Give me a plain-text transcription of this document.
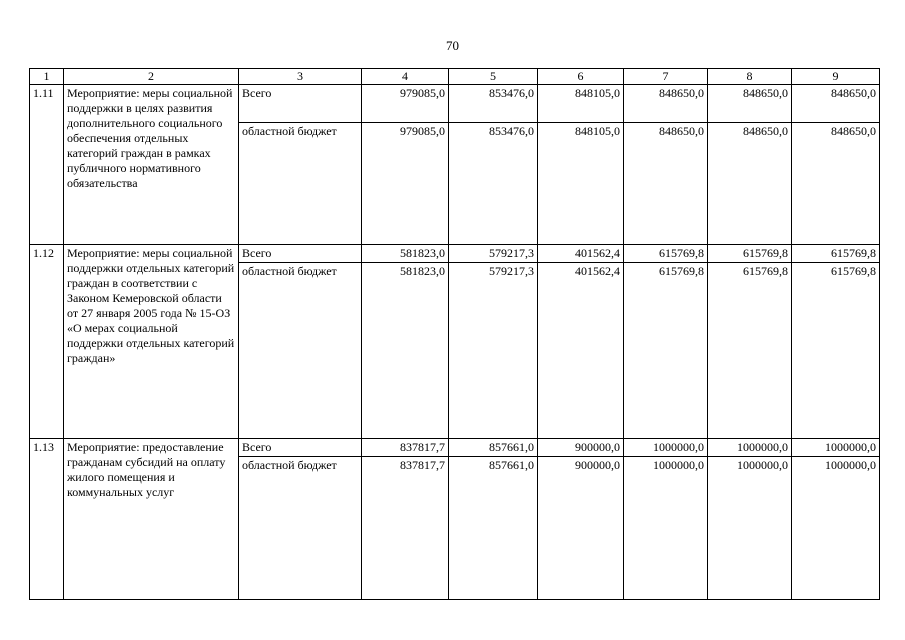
70
1	2	3	4	5	6	7	8	9
1.11	Мероприятие: меры социальной поддержки в целях развития дополнительного социального обеспечения отдельных категорий граждан в рамках публичного нормативного обязательства	Всего	979085,0	853476,0	848105,0	848650,0	848650,0	848650,0
		областной бюджет	979085,0	853476,0	848105,0	848650,0	848650,0	848650,0
1.12	Мероприятие: меры социальной поддержки отдельных категорий граждан в соответствии с Законом Кемеровской области от 27 января 2005 года № 15-ОЗ «О мерах социальной поддержки отдельных категорий граждан»	Всего	581823,0	579217,3	401562,4	615769,8	615769,8	615769,8
		областной бюджет	581823,0	579217,3	401562,4	615769,8	615769,8	615769,8
1.13	Мероприятие: предоставление гражданам субсидий на оплату жилого помещения и коммунальных услуг	Всего	837817,7	857661,0	900000,0	1000000,0	1000000,0	1000000,0
		областной бюджет	837817,7	857661,0	900000,0	1000000,0	1000000,0	1000000,0
